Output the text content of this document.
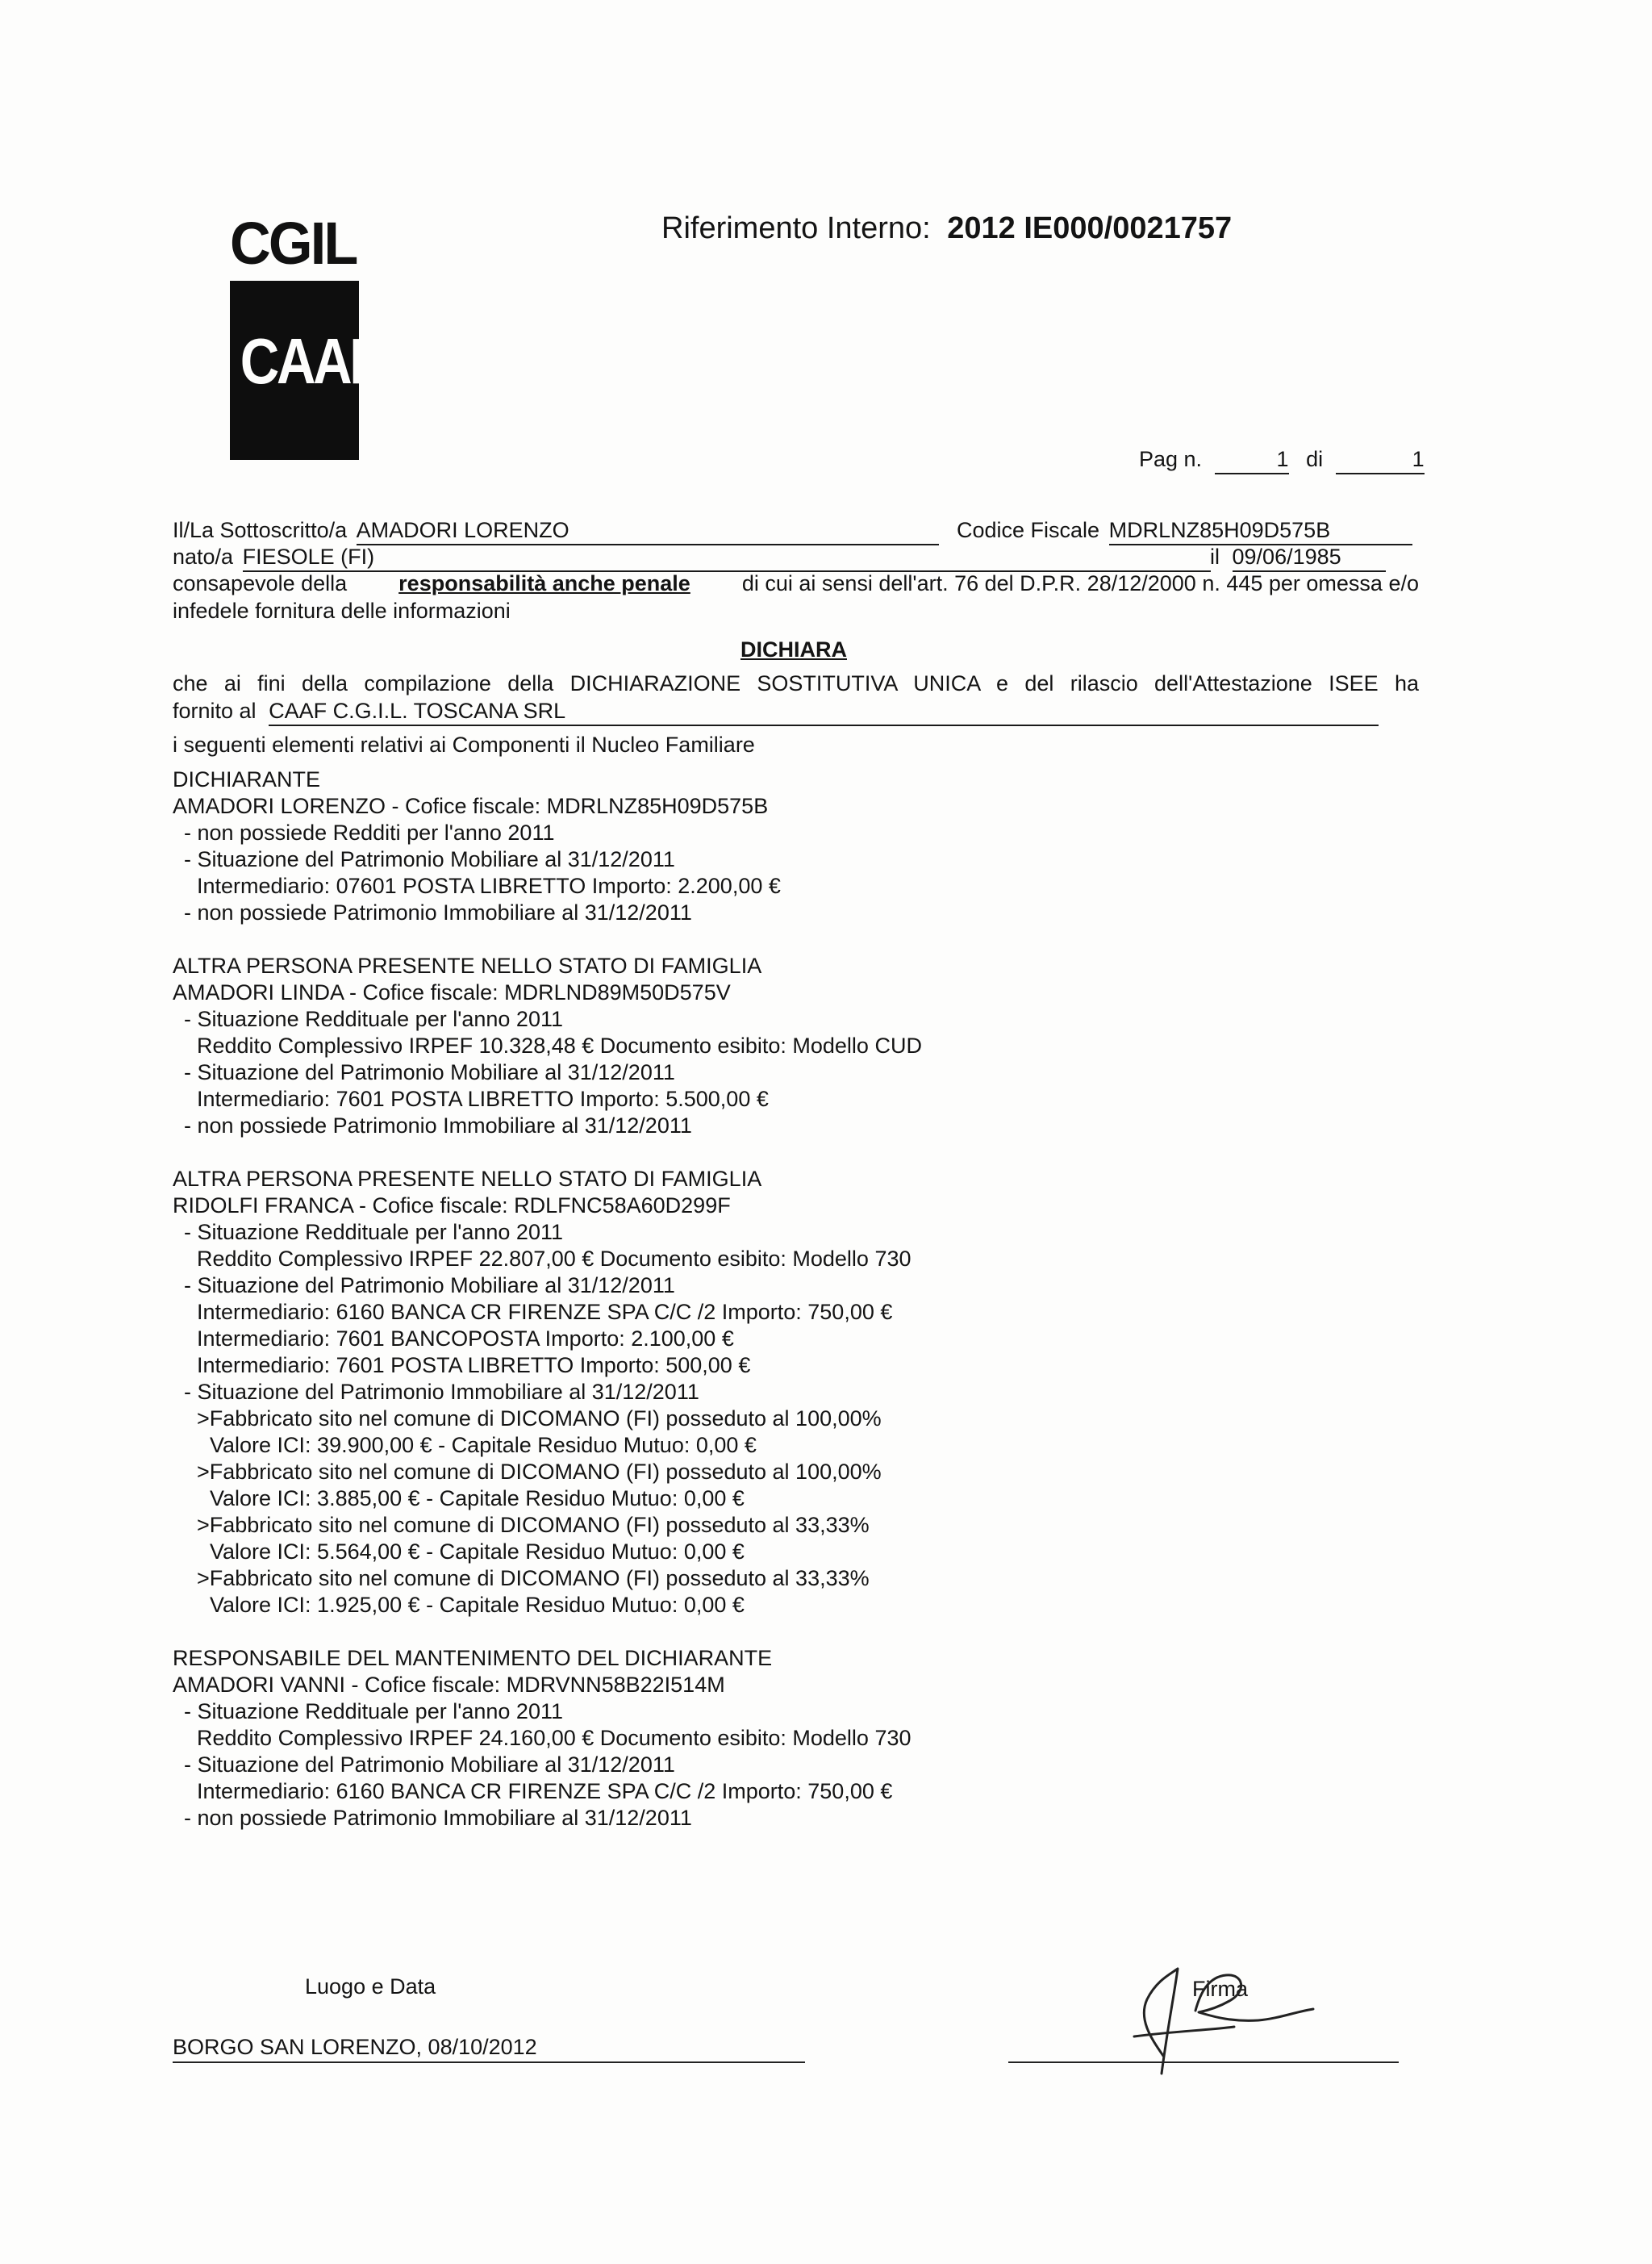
CGIL
CAAF
Riferimento Interno: 2012 IE000/0021757
Pag n.	1 di	1
Il/La Sottoscritto/a AMADORI LORENZO	Codice Fiscale MDRLNZ85H09D575B
nato/a FIESOLE (FI)	il 09/06/1985
consapevole della responsabilità anche penale di cui ai sensi dell'art. 76 del D.P.R. 28/12/2000 n. 445 per omessa e/o
infedele fornitura delle informazioni
DICHIARA
che ai fini della compilazione della DICHIARAZIONE SOSTITUTIVA UNICA e del rilascio dell'Attestazione ISEE ha
fornito al CAAF C.G.I.L. TOSCANA SRL
i seguenti elementi relativi ai Componenti il Nucleo Familiare
DICHIARANTE
AMADORI LORENZO - Cofice fiscale: MDRLNZ85H09D575B
- non possiede Redditi per l'anno 2011
- Situazione del Patrimonio Mobiliare al 31/12/2011
Intermediario: 07601 POSTA LIBRETTO Importo: 2.200,00 €
- non possiede Patrimonio Immobiliare al 31/12/2011
ALTRA PERSONA PRESENTE NELLO STATO DI FAMIGLIA
AMADORI LINDA - Cofice fiscale: MDRLND89M50D575V
- Situazione Reddituale per l'anno 2011
Reddito Complessivo IRPEF 10.328,48 € Documento esibito: Modello CUD
- Situazione del Patrimonio Mobiliare al 31/12/2011
Intermediario: 7601 POSTA LIBRETTO Importo: 5.500,00 €
- non possiede Patrimonio Immobiliare al 31/12/2011
ALTRA PERSONA PRESENTE NELLO STATO DI FAMIGLIA
RIDOLFI FRANCA - Cofice fiscale: RDLFNC58A60D299F
- Situazione Reddituale per l'anno 2011
Reddito Complessivo IRPEF 22.807,00 € Documento esibito: Modello 730
- Situazione del Patrimonio Mobiliare al 31/12/2011
Intermediario: 6160 BANCA CR FIRENZE SPA C/C /2 Importo: 750,00 €
Intermediario: 7601 BANCOPOSTA Importo: 2.100,00 €
Intermediario: 7601 POSTA LIBRETTO Importo: 500,00 €
- Situazione del Patrimonio Immobiliare al 31/12/2011
>Fabbricato sito nel comune di DICOMANO (FI) posseduto al 100,00%
Valore ICI: 39.900,00 € - Capitale Residuo Mutuo: 0,00 €
>Fabbricato sito nel comune di DICOMANO (FI) posseduto al 100,00%
Valore ICI: 3.885,00 € - Capitale Residuo Mutuo: 0,00 €
>Fabbricato sito nel comune di DICOMANO (FI) posseduto al 33,33%
Valore ICI: 5.564,00 € - Capitale Residuo Mutuo: 0,00 €
>Fabbricato sito nel comune di DICOMANO (FI) posseduto al 33,33%
Valore ICI: 1.925,00 € - Capitale Residuo Mutuo: 0,00 €
RESPONSABILE DEL MANTENIMENTO DEL DICHIARANTE
AMADORI VANNI - Cofice fiscale: MDRVNN58B22I514M
- Situazione Reddituale per l'anno 2011
Reddito Complessivo IRPEF 24.160,00 € Documento esibito: Modello 730
- Situazione del Patrimonio Mobiliare al 31/12/2011
Intermediario: 6160 BANCA CR FIRENZE SPA C/C /2 Importo: 750,00 €
- non possiede Patrimonio Immobiliare al 31/12/2011
Luogo e Data
BORGO SAN LORENZO, 08/10/2012
Firma
